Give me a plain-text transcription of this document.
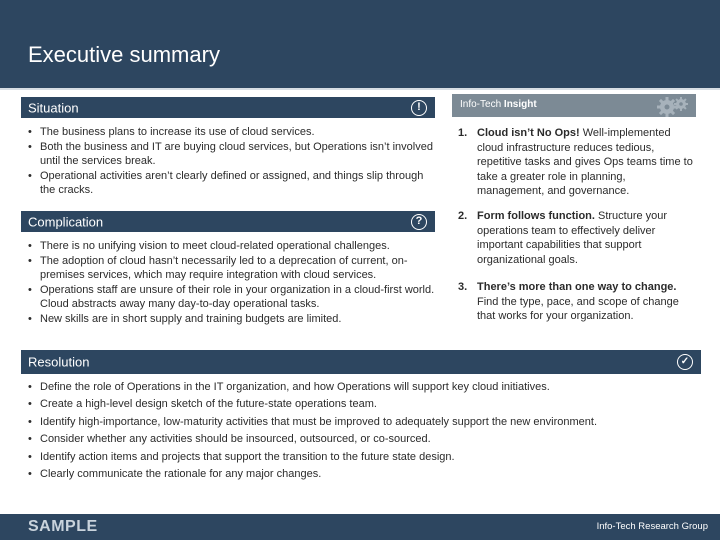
Executive summary
Situation	!
• The business plans to increase its use of cloud services.
• Both the business and IT are buying cloud services, but Operations isn’t involved until the services break.
• Operational activities aren’t clearly defined or assigned, and things slip through the cracks.
Complication	?
• There is no unifying vision to meet cloud-related operational challenges.
• The adoption of cloud hasn’t necessarily led to a deprecation of current, on-premises services, which may require integration with cloud services.
• Operations staff are unsure of their role in your organization in a cloud-first world. Cloud abstracts away many day-to-day operational tasks.
• New skills are in short supply and training budgets are limited.
Info-Tech Insight
1. Cloud isn’t No Ops! Well-implemented cloud infrastructure reduces tedious, repetitive tasks and gives Ops teams time to take a greater role in planning, management, and governance.
2. Form follows function. Structure your operations team to effectively deliver important capabilities that support organizational goals.
3. There’s more than one way to change. Find the type, pace, and scope of change that works for your organization.
Resolution	✓
• Define the role of Operations in the IT organization, and how Operations will support key cloud initiatives.
• Create a high-level design sketch of the future-state operations team.
• Identify high-importance, low-maturity activities that must be improved to adequately support the new environment.
• Consider whether any activities should be insourced, outsourced, or co-sourced.
• Identify action items and projects that support the transition to the future state design.
• Clearly communicate the rationale for any major changes.
SAMPLE	Info-Tech Research Group
